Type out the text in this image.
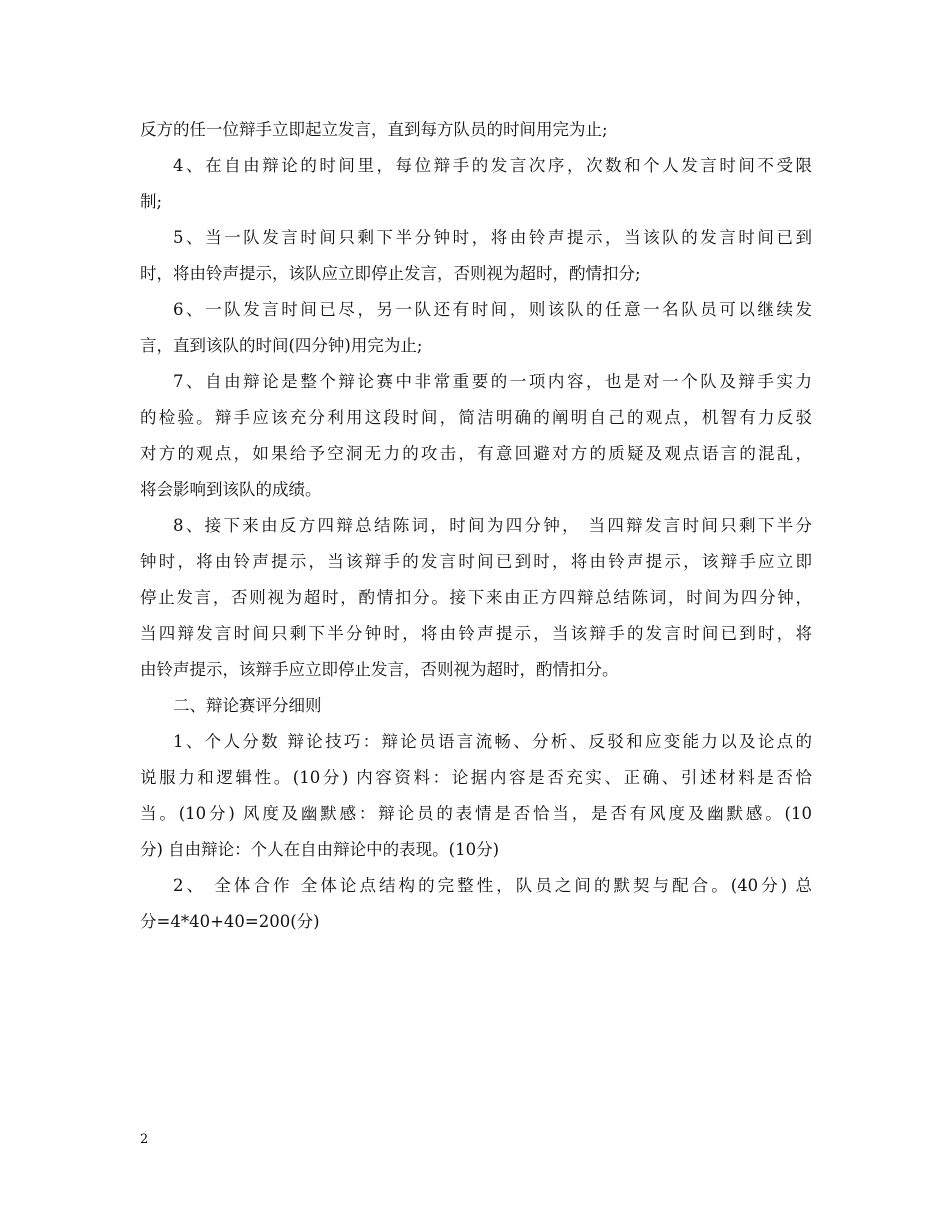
反方的任一位辩手立即起立发言，直到每方队员的时间用完为止;
4、在自由辩论的时间里，每位辩手的发言次序，次数和个人发言时间不受限
制;
5、当一队发言时间只剩下半分钟时，将由铃声提示，当该队的发言时间已到
时，将由铃声提示，该队应立即停止发言，否则视为超时，酌情扣分;
6、一队发言时间已尽，另一队还有时间，则该队的任意一名队员可以继续发
言，直到该队的时间(四分钟)用完为止;
7、自由辩论是整个辩论赛中非常重要的一项内容，也是对一个队及辩手实力
的检验。辩手应该充分利用这段时间，简洁明确的阐明自己的观点，机智有力反驳
对方的观点，如果给予空洞无力的攻击，有意回避对方的质疑及观点语言的混乱，
将会影响到该队的成绩。
8、接下来由反方四辩总结陈词，时间为四分钟， 当四辩发言时间只剩下半分
钟时，将由铃声提示，当该辩手的发言时间已到时，将由铃声提示，该辩手应立即
停止发言，否则视为超时，酌情扣分。接下来由正方四辩总结陈词，时间为四分钟，
当四辩发言时间只剩下半分钟时，将由铃声提示，当该辩手的发言时间已到时，将
由铃声提示，该辩手应立即停止发言，否则视为超时，酌情扣分。
二、辩论赛评分细则
1、个人分数 辩论技巧：辩论员语言流畅、分析、反驳和应变能力以及论点的
说服力和逻辑性。(10分) 内容资料：论据内容是否充实、正确、引述材料是否恰
当。(10分) 风度及幽默感：辩论员的表情是否恰当，是否有风度及幽默感。(10
分) 自由辩论：个人在自由辩论中的表现。(10分)
2、 全体合作 全体论点结构的完整性，队员之间的默契与配合。(40分) 总
分=4*40+40=200(分)
2
